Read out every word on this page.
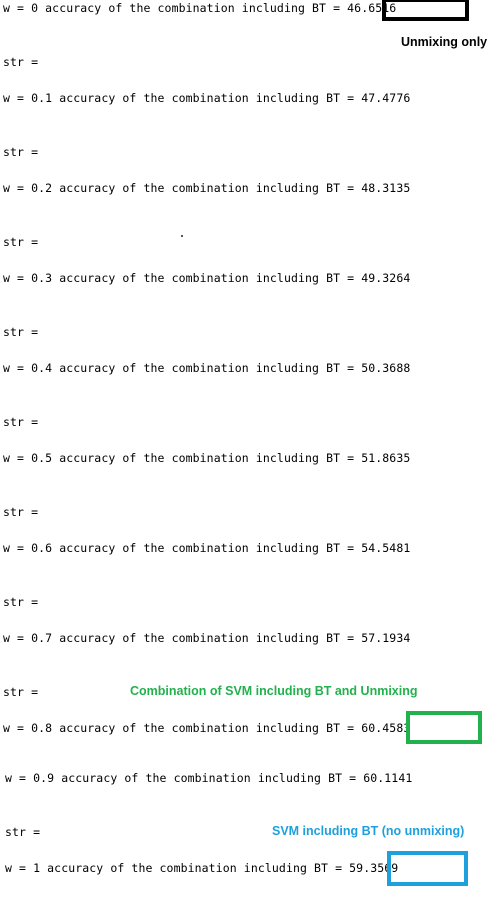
w = 0 accuracy of the combination including BT = 46.6516
Unmixing only
str =
w = 0.1 accuracy of the combination including BT = 47.4776
str =
w = 0.2 accuracy of the combination including BT = 48.3135
str =
w = 0.3 accuracy of the combination including BT = 49.3264
str =
w = 0.4 accuracy of the combination including BT = 50.3688
str =
w = 0.5 accuracy of the combination including BT = 51.8635
str =
w = 0.6 accuracy of the combination including BT = 54.5481
str =
w = 0.7 accuracy of the combination including BT = 57.1934
str =	Combination of SVM including BT and Unmixing
w = 0.8 accuracy of the combination including BT = 60.4583
w = 0.9 accuracy of the combination including BT = 60.1141
str =	SVM including BT (no unmixing)
w = 1 accuracy of the combination including BT = 59.3569
